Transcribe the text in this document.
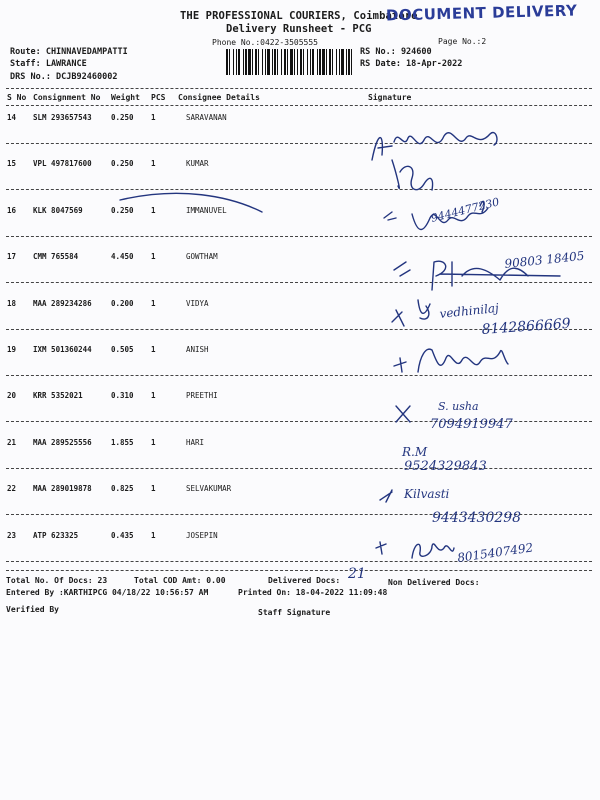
THE PROFESSIONAL COURIERS, Coimbatore
Delivery Runsheet - PCG
Phone No.:0422-3505555
DOCUMENT DELIVERY
Page No.:2
Route: CHINNAVEDAMPATTI
Staff: LAWRANCE
DRS No.: DCJB92460002
RS No.: 924600
RS Date: 18-Apr-2022
S No Consignment No Weight PCS Consignee Details	Signature
14 SLM 293657543	0.250 1	SARAVANAN
15 VPL 497817600	0.250 1	KUMAR
16 KLK 8047569	0.250 1	IMMANUVEL
17 CMM 765584	4.450 1	GOWTHAM
18 MAA 289234286	0.200 1	VIDYA
19 IXM 501360244	0.505 1	ANISH
20 KRR 5352021	0.310 1	PREETHI
21 MAA 289525556	1.855 1	HARI
22 MAA 289019878	0.825 1	SELVAKUMAR
23 ATP 623325	0.435 1	JOSEPIN
9444477230
90803 18405
vedhinilaj
8142866669
S. usha
7094919947
R.M
9524329843
Kilvasti
9443430298
8015407492
Total No. Of Docs: 23	Total COD Amt: 0.00	Delivered Docs: 21
Non Delivered Docs:
Entered By :KARTHIPCG 04/18/22 10:56:57 AM	Printed On: 18-04-2022 11:09:48
Verified By	Staff Signature
